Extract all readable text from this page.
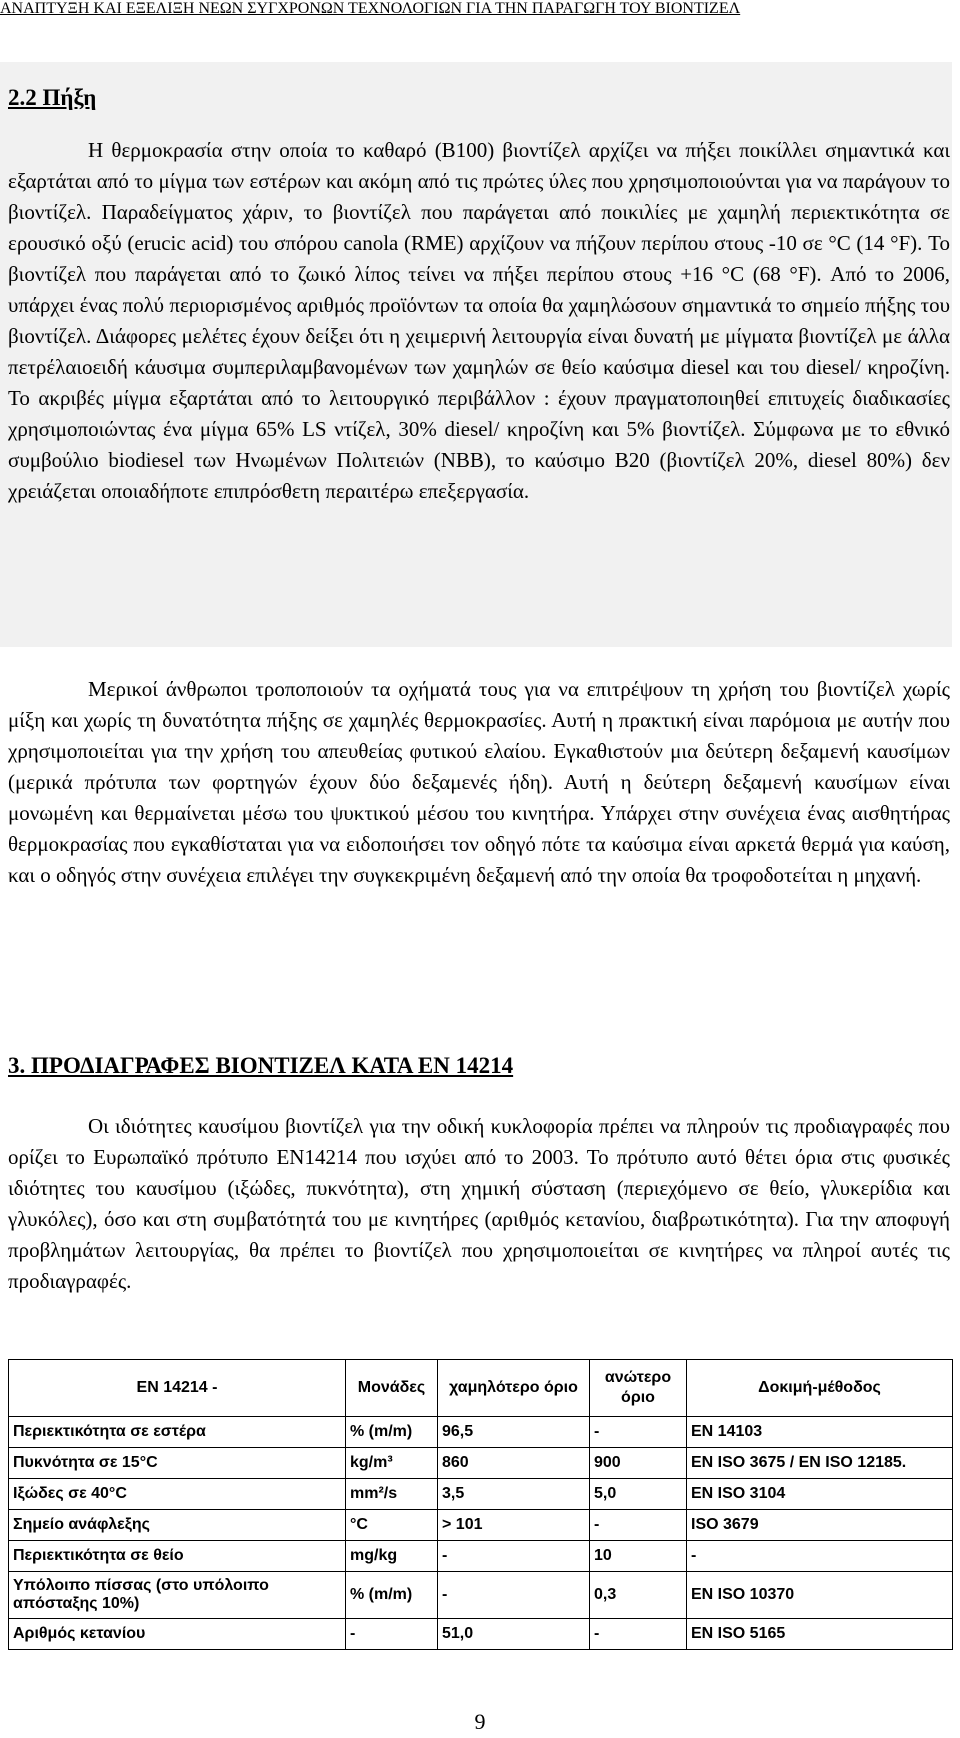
ΑΝΑΠΤΥΞΗ ΚΑΙ ΕΞΕΛΙΞΗ ΝΕΩΝ ΣΥΓΧΡΟΝΩΝ ΤΕΧΝΟΛΟΓΙΩΝ ΓΙΑ ΤΗΝ ΠΑΡΑΓΩΓΗ ΤΟΥ ΒΙΟΝΤΙΖΕΛ
2.2 Πήξη

Η θερμοκρασία στην οποία το καθαρό (Β100) βιοντίζελ αρχίζει να πήξει ποικίλλει σημαντικά και εξαρτάται από το μίγμα των εστέρων και ακόμη από τις πρώτες ύλες που χρησιμοποιούνται για να παράγουν το βιοντίζελ. Παραδείγματος χάριν, το βιοντίζελ που παράγεται από ποικιλίες με χαμηλή περιεκτικότητα σε ερουσικό οξύ (erucic acid) του σπόρου canola (RME) αρχίζουν να πήζουν περίπου στους -10 σε °C (14 °F). Το βιοντίζελ που παράγεται από το ζωικό λίπος τείνει να πήξει περίπου στους +16 °C (68 °F). Από το 2006, υπάρχει ένας πολύ περιορισμένος αριθμός προϊόντων τα οποία θα χαμηλώσουν σημαντικά το σημείο πήξης του βιοντίζελ. Διάφορες μελέτες έχουν δείξει ότι η χειμερινή λειτουργία είναι δυνατή με μίγματα βιοντίζελ με άλλα πετρέλαιοειδή κάυσιμα συμπεριλαμβανομένων των χαμηλών σε θείο καύσιμα diesel και του diesel/ κηροζίνη. Το ακριβές μίγμα εξαρτάται από το λειτουργικό περιβάλλον : έχουν πραγματοποιηθεί επιτυχείς διαδικασίες χρησιμοποιώντας ένα μίγμα 65% LS ντίζελ, 30% diesel/ κηροζίνη και 5% βιοντίζελ. Σύμφωνα με το εθνικό συμβούλιο biodiesel των Ηνωμένων Πολιτειών (NBB), το καύσιμο Β20 (βιοντίζελ 20%, diesel 80%) δεν χρειάζεται οποιαδήποτε επιπρόσθετη περαιτέρω επεξεργασία.

Μερικοί άνθρωποι τροποποιούν τα οχήματά τους για να επιτρέψουν τη χρήση του βιοντίζελ χωρίς μίξη και χωρίς τη δυνατότητα πήξης σε χαμηλές θερμοκρασίες. Αυτή η πρακτική είναι παρόμοια με αυτήν που χρησιμοποιείται για την χρήση του απευθείας φυτικού ελαίου. Εγκαθιστούν μια δεύτερη δεξαμενή καυσίμων (μερικά πρότυπα των φορτηγών έχουν δύο δεξαμενές ήδη). Αυτή η δεύτερη δεξαμενή καυσίμων είναι μονωμένη και θερμαίνεται μέσω του ψυκτικού μέσου του κινητήρα. Υπάρχει στην συνέχεια ένας αισθητήρας θερμοκρασίας που εγκαθίσταται για να ειδοποιήσει τον οδηγό πότε τα καύσιμα είναι αρκετά θερμά για καύση, και ο οδηγός στην συνέχεια επιλέγει την συγκεκριμένη δεξαμενή από την οποία θα τροφοδοτείται η μηχανή.

3. ΠΡΟΔΙΑΓΡΑΦΕΣ ΒΙΟΝΤΙΖΕΛ ΚΑΤΑ ΕΝ 14214

Οι ιδιότητες καυσίμου βιοντίζελ για την οδική κυκλοφορία πρέπει να πληρούν τις προδιαγραφές που ορίζει το Ευρωπαϊκό πρότυπο ΕΝ14214 που ισχύει από το 2003. Το πρότυπο αυτό θέτει όρια στις φυσικές ιδιότητες του καυσίμου (ιξώδες, πυκνότητα), στη χημική σύσταση (περιεχόμενο σε θείο, γλυκερίδια και γλυκόλες), όσο και στη συμβατότητά του με κινητήρες (αριθμός κετανίου, διαβρωτικότητα). Για την αποφυγή προβλημάτων λειτουργίας, θα πρέπει το βιοντίζελ που χρησιμοποιείται σε κινητήρες να πληροί αυτές τις προδιαγραφές.

EN 14214 -	Μονάδες	χαμηλότερο όριο	ανώτερο όριο	Δοκιμή-μέθοδος
Περιεκτικότητα σε εστέρα	% (m/m)	96,5	-	EN 14103
Πυκνότητα σε 15°C	kg/m³	860	900	EN ISO 3675 / EN ISO 12185.
Ιξώδες σε 40°C	mm²/s	3,5	5,0	EN ISO 3104
Σημείο ανάφλεξης	°C	> 101	-	ISO 3679
Περιεκτικότητα σε θείο	mg/kg	-	10	-
Υπόλοιπο πίσσας (στο υπόλοιπο απόσταξης 10%)	% (m/m)	-	0,3	EN ISO 10370
Αριθμός κετανίου	-	51,0	-	EN ISO 5165
9
